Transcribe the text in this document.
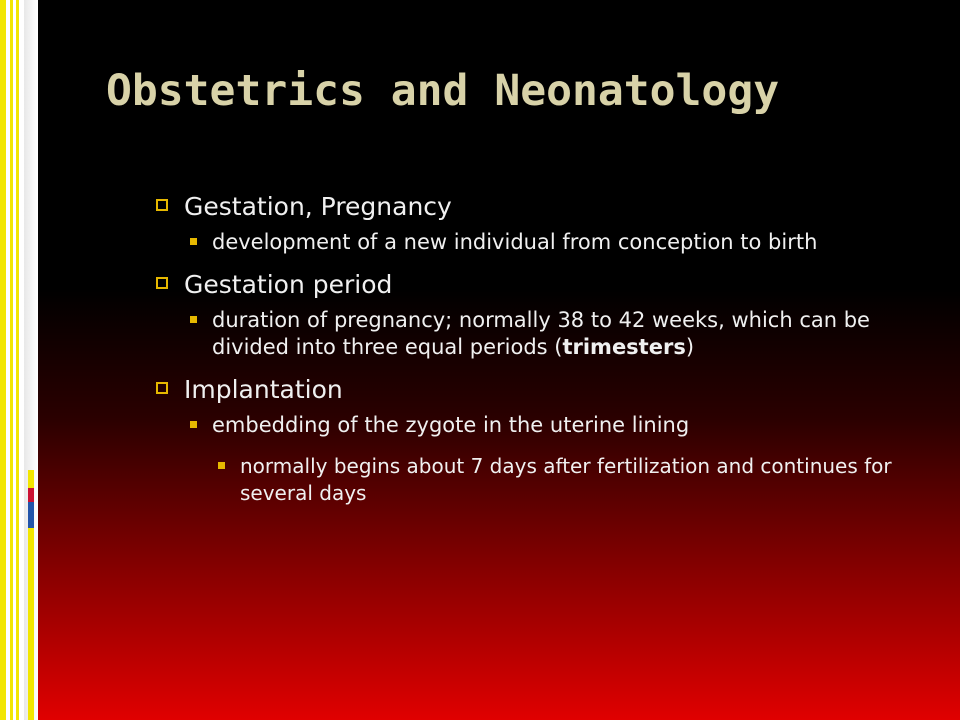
Obstetrics and Neonatology
Gestation, Pregnancy
development of a new individual from conception to birth
Gestation period
duration of pregnancy; normally 38 to 42 weeks, which can be divided into three equal periods (trimesters)
Implantation
embedding of the zygote in the uterine lining
normally begins about 7 days after fertilization and continues for several days
